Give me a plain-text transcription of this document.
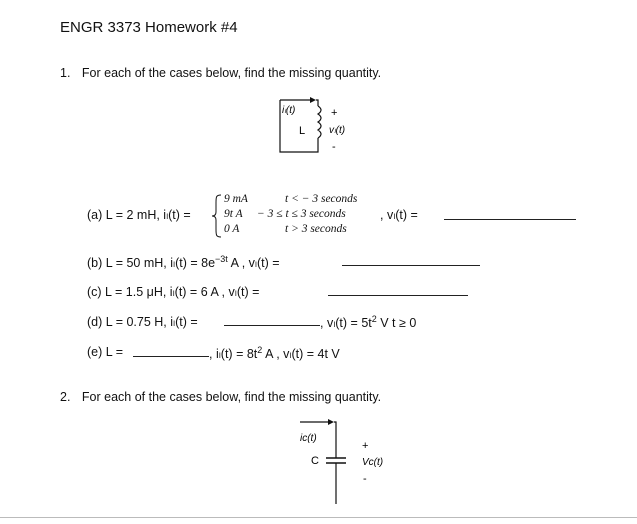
ENGR 3373 Homework #4
1. For each of the cases below, find the missing quantity.
iₗ(t)
L
+
vₗ(t)
-
(a) L = 2 mH, iₗ(t) =
9 mA	t < − 3 seconds
9t A − 3 ≤ t ≤ 3 seconds
0 A	t > 3 seconds
, vₗ(t) =
(b) L = 50 mH, $i_l(t) = 8e^{-3t}$ A , vₗ(t) =
(c) L = 1.5 μH, iₗ(t) = 6 A , vₗ(t) =
(d) L = 0.75 H, iₗ(t) =	, $v_l(t) = 5t^2$ V t ≥ 0
(e) L =	, $i_l(t) = 8t^2$ A , vₗ(t) = 4t V
2. For each of the cases below, find the missing quantity.
iᴄ(t)
C
+
Vᴄ(t)
-
